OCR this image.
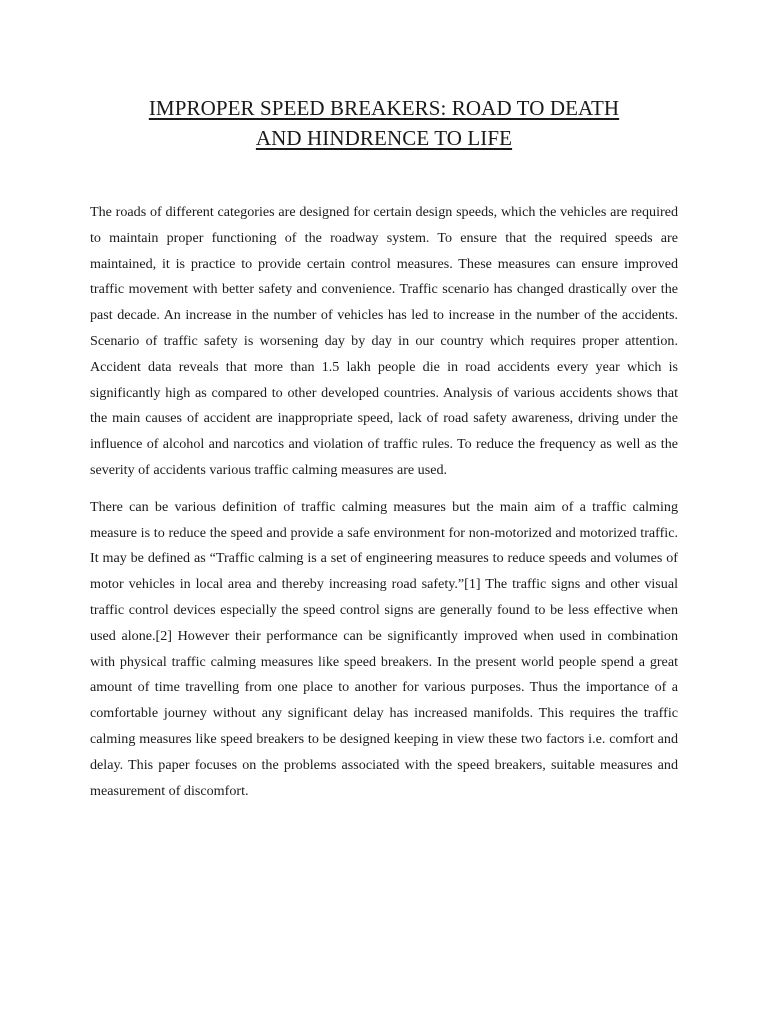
IMPROPER SPEED BREAKERS: ROAD TO DEATH
AND HINDRENCE TO LIFE

The roads of different categories are designed for certain design speeds, which the vehicles are required to maintain proper functioning of the roadway system. To ensure that the required speeds are maintained, it is practice to provide certain control measures. These measures can ensure improved traffic movement with better safety and convenience. Traffic scenario has changed drastically over the past decade. An increase in the number of vehicles has led to increase in the number of the accidents. Scenario of traffic safety is worsening day by day in our country which requires proper attention. Accident data reveals that more than 1.5 lakh people die in road accidents every year which is significantly high as compared to other developed countries. Analysis of various accidents shows that the main causes of accident are inappropriate speed, lack of road safety awareness, driving under the influence of alcohol and narcotics and violation of traffic rules. To reduce the frequency as well as the severity of accidents various traffic calming measures are used.

There can be various definition of traffic calming measures but the main aim of a traffic calming measure is to reduce the speed and provide a safe environment for non-motorized and motorized traffic. It may be defined as “Traffic calming is a set of engineering measures to reduce speeds and volumes of motor vehicles in local area and thereby increasing road safety.”[1] The traffic signs and other visual traffic control devices especially the speed control signs are generally found to be less effective when used alone.[2] However their performance can be significantly improved when used in combination with physical traffic calming measures like speed breakers. In the present world people spend a great amount of time travelling from one place to another for various purposes. Thus the importance of a comfortable journey without any significant delay has increased manifolds. This requires the traffic calming measures like speed breakers to be designed keeping in view these two factors i.e. comfort and delay. This paper focuses on the problems associated with the speed breakers, suitable measures and measurement of discomfort.
